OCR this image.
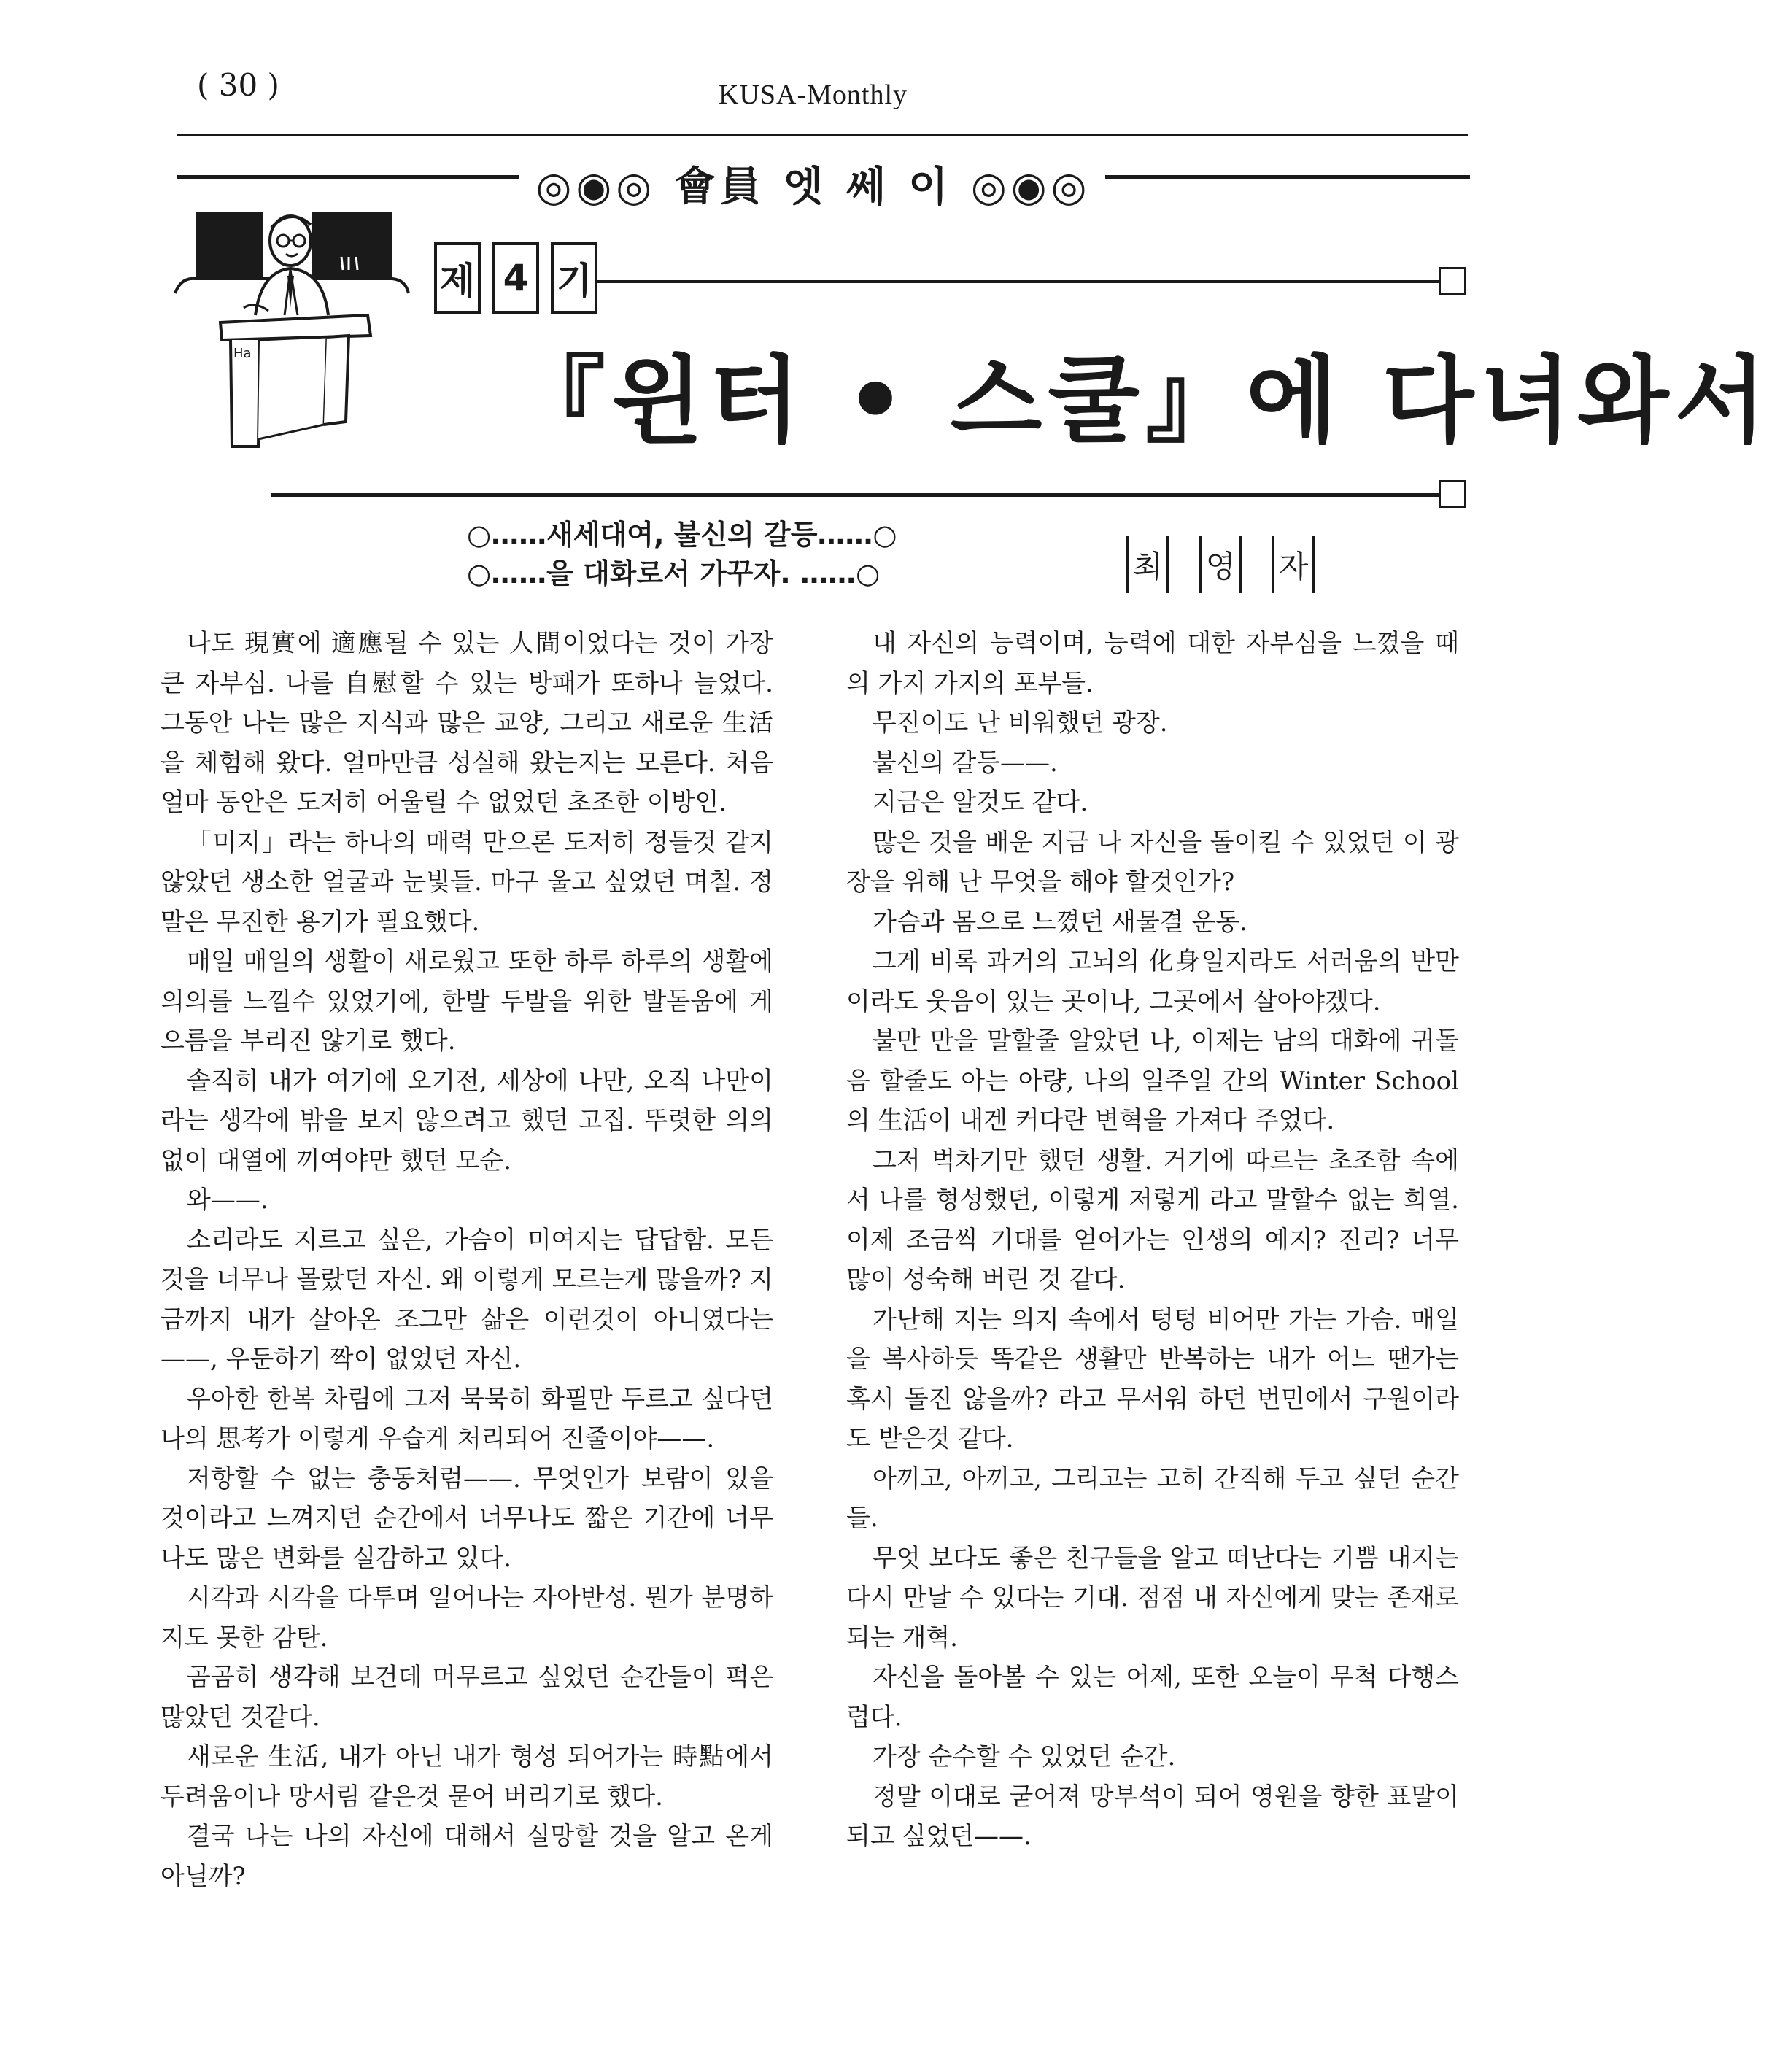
( 30 )	KUSA-Monthly
◎◉◎ 會員 엣 쎄 이 ◎◉◎
Ha
제 4 기
『윈터 • 스쿨』에 다녀와서
○……새세대여, 불신의 갈등……○
○……을 대화로서 가꾸자. ……○	최 영 자

나도 現實에 適應될 수 있는 人間이었다는 것이 가장 큰 자부심. 나를 自慰할 수 있는 방패가 또하나 늘었다. 그동안 나는 많은 지식과 많은 교양, 그리고 새로운 生活을 체험해 왔다. 얼마만큼 성실해 왔는지는 모른다. 처음 얼마 동안은 도저히 어울릴 수 없었던 초조한 이방인.

「미지」라는 하나의 매력 만으론 도저히 정들것 같지 않았던 생소한 얼굴과 눈빛들. 마구 울고 싶었던 며칠. 정말은 무진한 용기가 필요했다.

매일 매일의 생활이 새로웠고 또한 하루 하루의 생활에 의의를 느낄수 있었기에, 한발 두발을 위한 발돋움에 게으름을 부리진 않기로 했다.

솔직히 내가 여기에 오기전, 세상에 나만, 오직 나만이라는 생각에 밖을 보지 않으려고 했던 고집. 뚜렷한 의의 없이 대열에 끼여야만 했던 모순.

와——.

소리라도 지르고 싶은, 가슴이 미여지는 답답함. 모든것을 너무나 몰랐던 자신. 왜 이렇게 모르는게 많을까? 지금까지 내가 살아온 조그만 삶은 이런것이 아니였다는——, 우둔하기 짝이 없었던 자신.

우아한 한복 차림에 그저 묵묵히 화필만 두르고 싶다던 나의 思考가 이렇게 우습게 처리되어 진줄이야——.

저항할 수 없는 충동처럼——. 무엇인가 보람이 있을 것이라고 느껴지던 순간에서 너무나도 짧은 기간에 너무나도 많은 변화를 실감하고 있다.

시각과 시각을 다투며 일어나는 자아반성. 뭔가 분명하지도 못한 감탄.

곰곰히 생각해 보건데 머무르고 싶었던 순간들이 퍽은 많았던 것같다.

새로운 生活, 내가 아닌 내가 형성 되어가는 時點에서 두려움이나 망서림 같은것 묻어 버리기로 했다.

결국 나는 나의 자신에 대해서 실망할 것을 알고 온게 아닐까?

내 자신의 능력이며, 능력에 대한 자부심을 느꼈을 때의 가지 가지의 포부들.

무진이도 난 비워했던 광장.

불신의 갈등——.

지금은 알것도 같다.

많은 것을 배운 지금 나 자신을 돌이킬 수 있었던 이 광장을 위해 난 무엇을 해야 할것인가?

가슴과 몸으로 느꼈던 새물결 운동.

그게 비록 과거의 고뇌의 化身일지라도 서러움의 반만 이라도 웃음이 있는 곳이나, 그곳에서 살아야겠다.

불만 만을 말할줄 알았던 나, 이제는 남의 대화에 귀돌음 할줄도 아는 아량, 나의 일주일 간의 Winter School의 生活이 내겐 커다란 변혁을 가져다 주었다.

그저 벅차기만 했던 생활. 거기에 따르는 초조함 속에서 나를 형성했던, 이렇게 저렇게 라고 말할수 없는 희열. 이제 조금씩 기대를 얻어가는 인생의 예지? 진리? 너무 많이 성숙해 버린 것 같다.

가난해 지는 의지 속에서 텅텅 비어만 가는 가슴. 매일을 복사하듯 똑같은 생활만 반복하는 내가 어느 땐가는 혹시 돌진 않을까? 라고 무서워 하던 번민에서 구원이라도 받은것 같다.

아끼고, 아끼고, 그리고는 고히 간직해 두고 싶던 순간들.

무엇 보다도 좋은 친구들을 알고 떠난다는 기쁨 내지는 다시 만날 수 있다는 기대. 점점 내 자신에게 맞는 존재로 되는 개혁.

자신을 돌아볼 수 있는 어제, 또한 오늘이 무척 다행스럽다.

가장 순수할 수 있었던 순간.

정말 이대로 굳어져 망부석이 되어 영원을 향한 표말이 되고 싶었던——.
